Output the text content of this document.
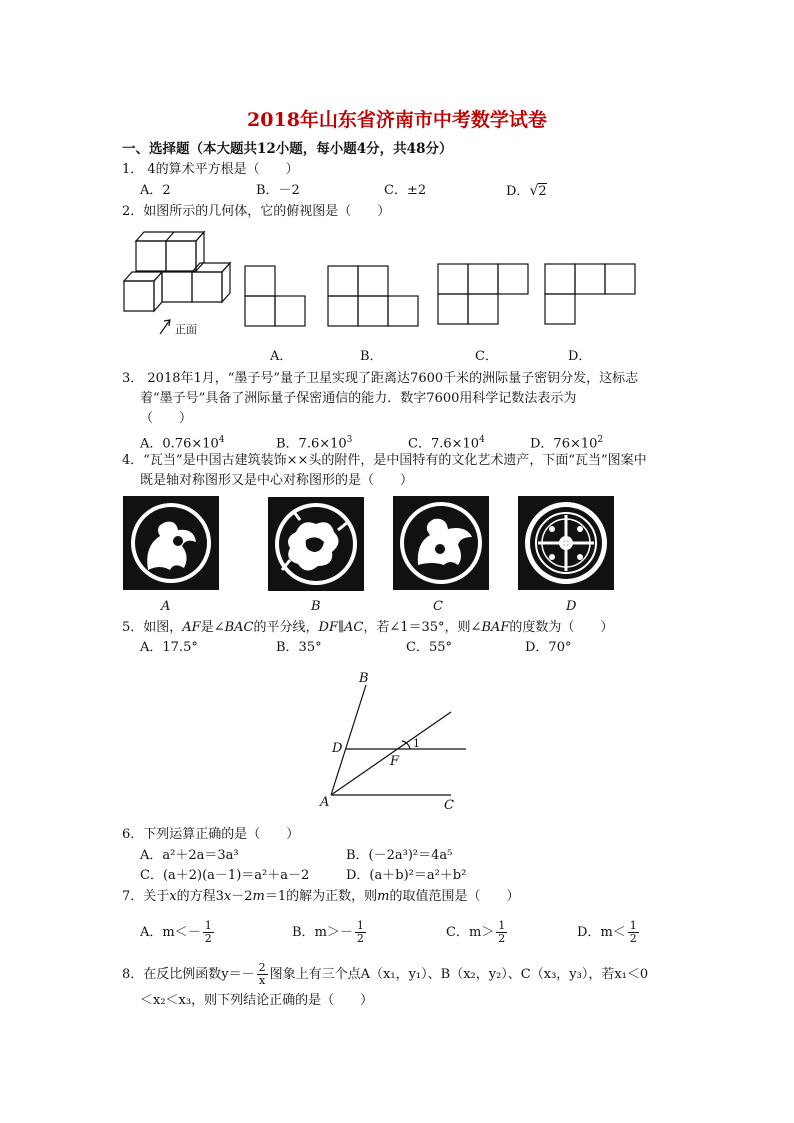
2018年山东省济南市中考数学试卷
一、选择题（本大题共12小题，每小题4分，共48分）
1． 4的算术平方根是（　　）
A．2	B．－2	C．±2	D．√2
2．如图所示的几何体，它的俯视图是（　　）
正面
A．	B．	C．	D．
3． 2018年1月，“墨子号”量子卫星实现了距离达7600千米的洲际量子密钥分发，这标志
着“墨子号”具备了洲际量子保密通信的能力．数字7600用科学记数法表示为
（　　）
A．$0.76\times 10^4$	B．$7.6\times 10^3$	C．$7.6\times 10^4$	D．$76\times 10^2$
4．“瓦当”是中国古建筑装饰××头的附件，是中国特有的文化艺术遗产，下面“瓦当”图案中
既是轴对称图形又是中心对称图形的是（　　）
A	B	C	D
5．如图，AF是∠BAC的平分线，DF∥AC，若∠1＝35°，则∠BAF的度数为（　　）
A．17.5°	B．35°	C．55°	D．70°
B
D
F
1
A	C
6．下列运算正确的是（　　）
A．a²＋2a＝3a³	B．(－2a³)²＝4a⁵
C．(a＋2)(a－1)＝a²＋a－2	D．(a＋b)²＝a²＋b²
7．关于x的方程3x－2m＝1的解为正数，则m的取值范围是（　　）
A．$m<- \frac{1}{2}$	B．$m>- \frac{1}{2}$	C．$m> \frac{1}{2}$	D．$m< \frac{1}{2}$
8．在反比例函数$y=- \frac{2}{x}$ 图象上有三个点A（x₁，y₁）、B（x₂，y₂）、C（x₃，y₃），若x₁＜0
＜x₂＜x₃，则下列结论正确的是（　　）
